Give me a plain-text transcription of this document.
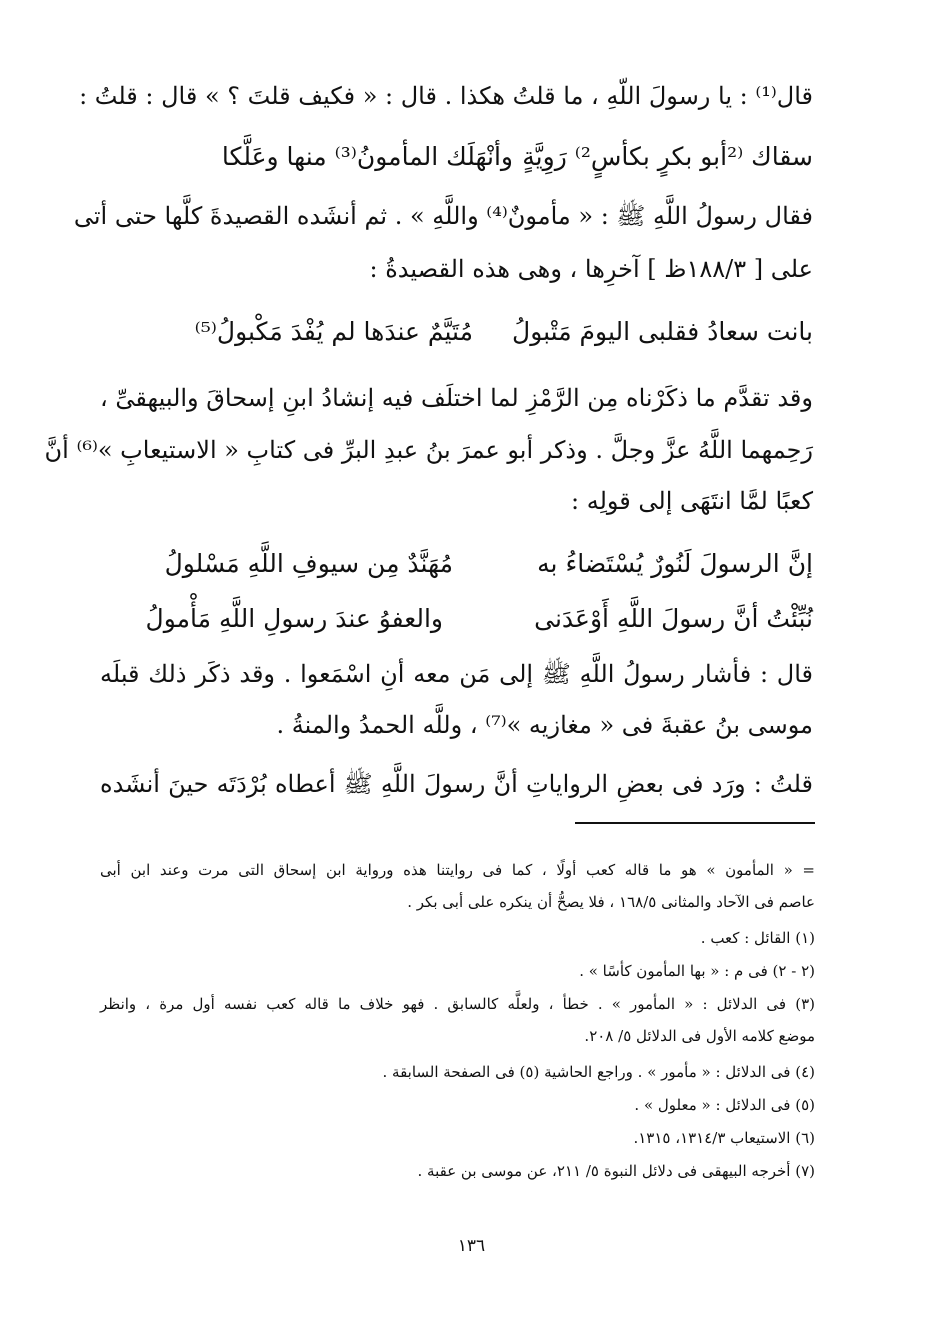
قال⁽¹⁾ : يا رسولَ اللّهِ ، ما قلتُ هكذا . قال : « فكيف قلتَ ؟ » قال : قلتُ :
سقاك ⁽²أبو بكرٍ بكأسٍ²⁾ رَوِيَّةٍ
وأنْهَلَك المأمونُ⁽³⁾ منها وعَلَّكا
فقال رسولُ اللَّهِ ﷺ : « مأمونٌ⁽⁴⁾ واللَّهِ » . ثم أنشَده القصيدةَ كلَّها حتى أتى
على [ ١٨٨/٣ظ ] آخرِها ، وهى هذه القصيدةُ :
بانت سعادُ فقلبى اليومَ مَتْبولُ
مُتَيَّمٌ عندَها لم يُفْدَ مَكْبولُ⁽⁵⁾
وقد تقدَّم ما ذكَرْناه مِن الرَّمْزِ لما اختلَف فيه إنشادُ ابنِ إسحاقَ والبيهقىِّ ،
رَحِمهما اللَّهُ عزَّ وجلَّ . وذكر أبو عمرَ بنُ عبدِ البرِّ فى كتابِ « الاستيعابِ »⁽⁶⁾ أنَّ
كعبًا لمَّا انتَهَى إلى قولِه :
إنَّ الرسولَ لَنُورٌ يُسْتَضاءُ به
مُهَنَّدٌ مِن سيوفِ اللَّهِ مَسْلولُ
نُبِّئْتُ أنَّ رسولَ اللَّهِ أَوْعَدَنى
والعفوُ عندَ رسولِ اللَّهِ مَأْمولُ
قال : فأشار رسولُ اللَّهِ ﷺ إلى مَن معه أنِ اسْمَعوا . وقد ذكَر ذلك قبلَه
موسى بنُ عقبةَ فى « مغازيه »⁽⁷⁾ ، وللَّه الحمدُ والمنةُ .
قلتُ : ورَد فى بعضِ الرواياتِ أنَّ رسولَ اللَّهِ ﷺ أعطاه بُرْدَتَه حينَ أنشَده
= « المأمون » هو ما قاله كعب أولًا ، كما فى روايتنا هذه ورواية ابن إسحاق التى مرت وعند ابن أبى
عاصم فى الآحاد والمثانى ١٦٨/٥ ، فلا يصحُّ أن ينكره على أبى بكر .
(١) القائل : كعب .
(٢ - ٢) فى م : « بها المأمون كأسًا » .
(٣) فى الدلائل : « المأمور » . خطأ ، ولعلَّه كالسابق . فهو خلاف ما قاله كعب نفسه أول مرة ، وانظر
موضع كلامه الأول فى الدلائل ٥/ ٢٠٨.
(٤) فى الدلائل : « مأمور » . وراجع الحاشية (٥) فى الصفحة السابقة .
(٥) فى الدلائل : « معلول » .
(٦) الاستيعاب ١٣١٤/٣، ١٣١٥.
(٧) أخرجه البيهقى فى دلائل النبوة ٥/ ٢١١، عن موسى بن عقبة .
١٣٦
